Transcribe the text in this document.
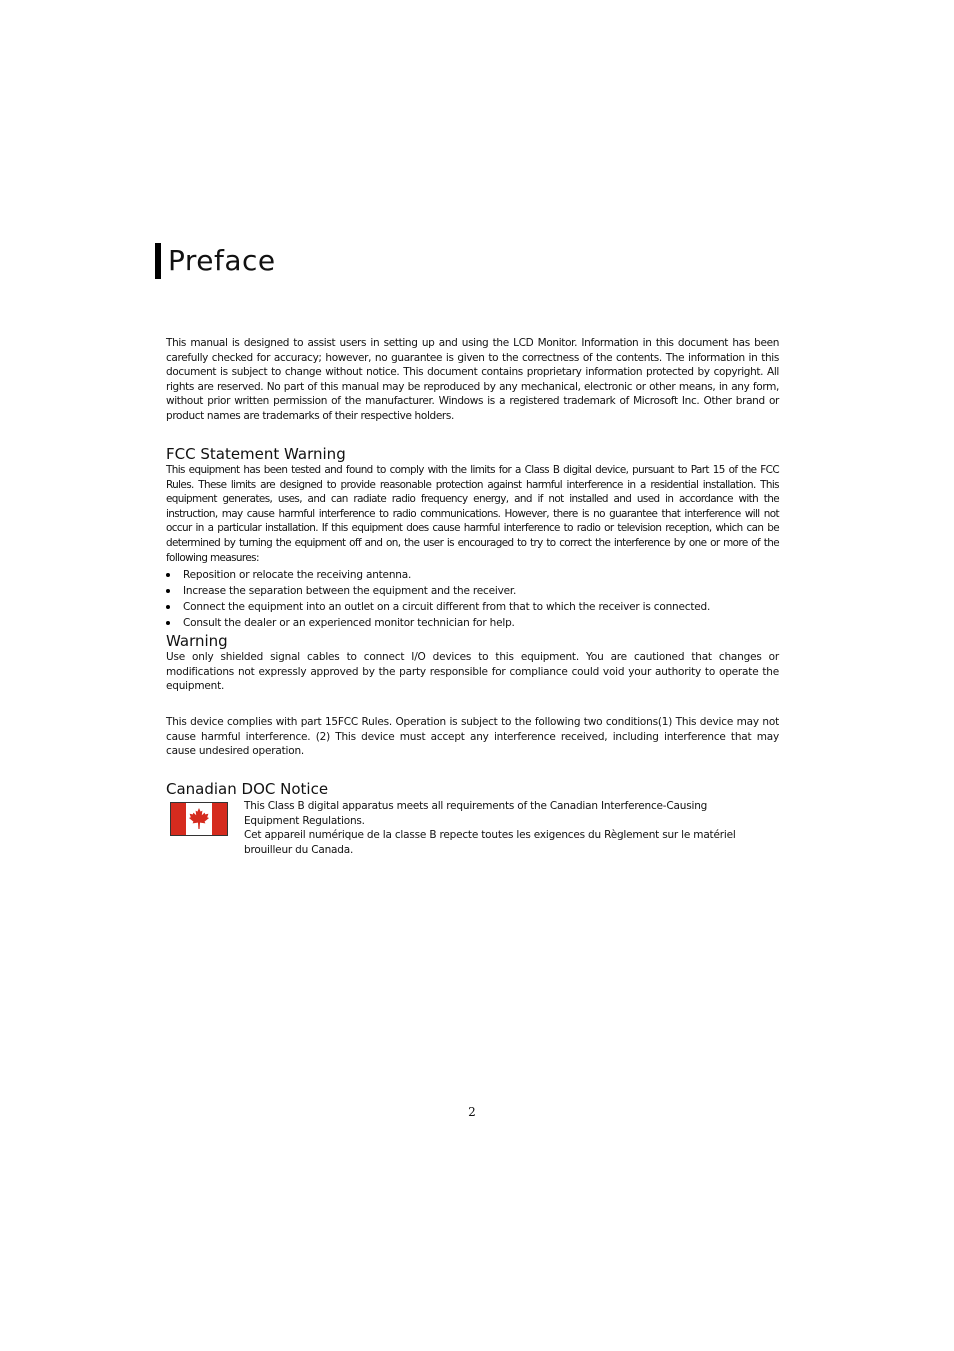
Preface

This manual is designed to assist users in setting up and using the LCD Monitor. Information in this document has been carefully checked for accuracy; however, no guarantee is given to the correctness of the contents. The information in this document is subject to change without notice. This document contains proprietary information protected by copyright. All rights are reserved. No part of this manual may be reproduced by any mechanical, electronic or other means, in any form, without prior written permission of the manufacturer. Windows is a registered trademark of Microsoft Inc. Other brand or product names are trademarks of their respective holders.

FCC Statement Warning

This equipment has been tested and found to comply with the limits for a Class B digital device, pursuant to Part 15 of the FCC Rules. These limits are designed to provide reasonable protection against harmful interference in a residential installation. This equipment generates, uses, and can radiate radio frequency energy, and if not installed and used in accordance with the instruction, may cause harmful interference to radio communications. However, there is no guarantee that interference will not occur in a particular installation. If this equipment does cause harmful interference to radio or television reception, which can be determined by turning the equipment off and on, the user is encouraged to try to correct the interference by one or more of the following measures:

Reposition or relocate the receiving antenna.
Increase the separation between the equipment and the receiver.
Connect the equipment into an outlet on a circuit different from that to which the receiver is connected.
Consult the dealer or an experienced monitor technician for help.
Warning

Use only shielded signal cables to connect I/O devices to this equipment. You are cautioned that changes or modifications not expressly approved by the party responsible for compliance could void your authority to operate the equipment.

This device complies with part 15FCC Rules. Operation is subject to the following two conditions(1) This device may not cause harmful interference. (2) This device must accept any interference received, including interference that may cause undesired operation.

Canadian DOC Notice

This Class B digital apparatus meets all requirements of the Canadian Interference-Causing Equipment Regulations.

Cet appareil numérique de la classe B repecte toutes les exigences du Règlement sur le matériel brouilleur du Canada.

2
